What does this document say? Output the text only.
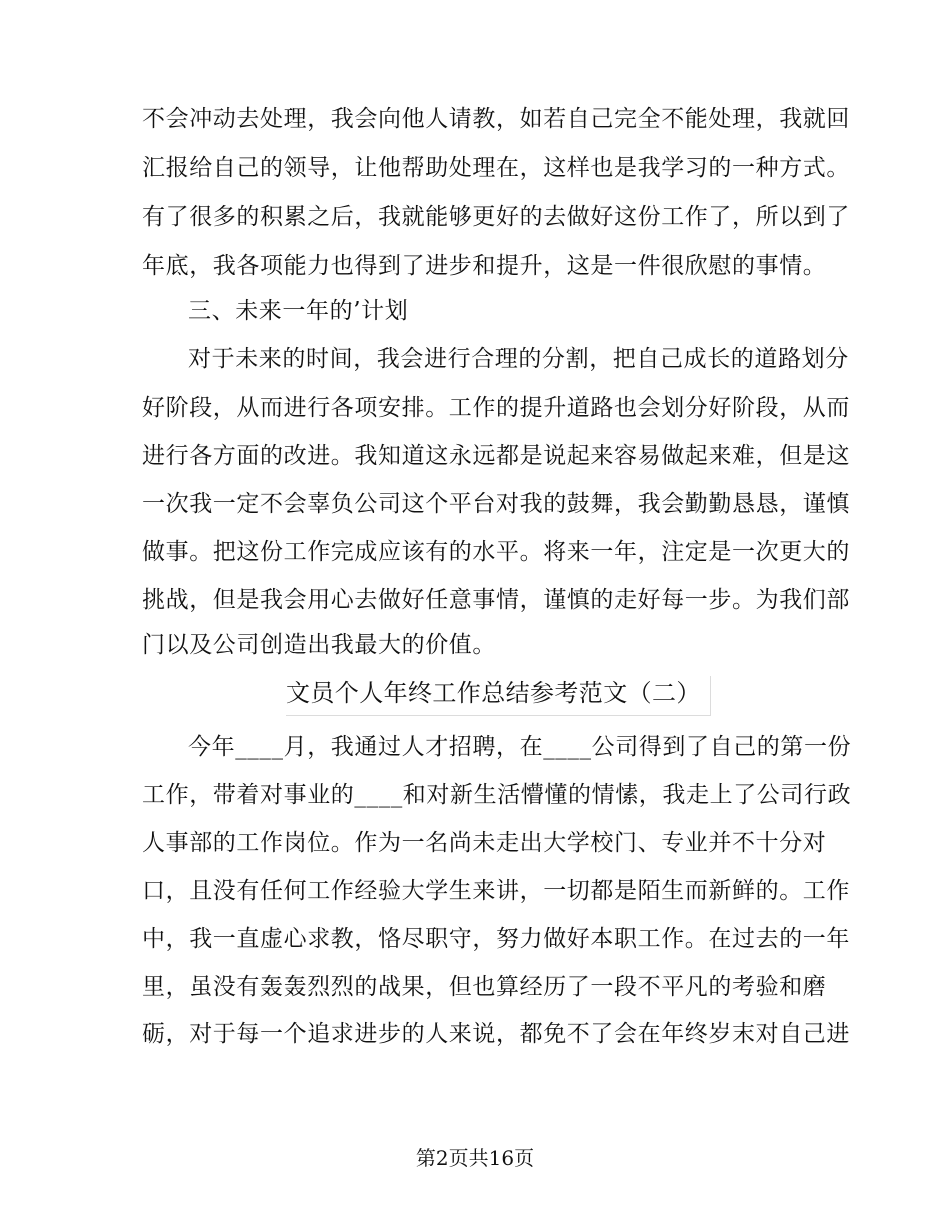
不会冲动去处理，我会向他人请教，如若自己完全不能处理，我就回
汇报给自己的领导，让他帮助处理在，这样也是我学习的一种方式。
有了很多的积累之后，我就能够更好的去做好这份工作了，所以到了
年底，我各项能力也得到了进步和提升，这是一件很欣慰的事情。
三、未来一年的’计划
对于未来的时间，我会进行合理的分割，把自己成长的道路划分
好阶段，从而进行各项安排。工作的提升道路也会划分好阶段，从而
进行各方面的改进。我知道这永远都是说起来容易做起来难，但是这
一次我一定不会辜负公司这个平台对我的鼓舞，我会勤勤恳恳，谨慎
做事。把这份工作完成应该有的水平。将来一年，注定是一次更大的
挑战，但是我会用心去做好任意事情，谨慎的走好每一步。为我们部
门以及公司创造出我最大的价值。
文员个人年终工作总结参考范文（二）
今年____月，我通过人才招聘，在____公司得到了自己的第一份
工作，带着对事业的____和对新生活懵懂的情愫，我走上了公司行政
人事部的工作岗位。作为一名尚未走出大学校门、专业并不十分对
口，且没有任何工作经验大学生来讲，一切都是陌生而新鲜的。工作
中，我一直虚心求教，恪尽职守，努力做好本职工作。在过去的一年
里，虽没有轰轰烈烈的战果，但也算经历了一段不平凡的考验和磨
砺，对于每一个追求进步的人来说，都免不了会在年终岁末对自己进
第2页共16页
